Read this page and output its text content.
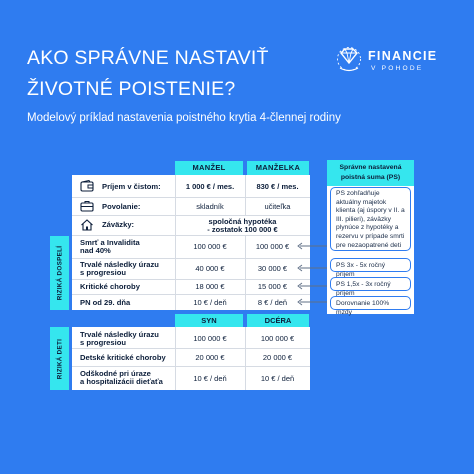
AKO SPRÁVNE NASTAVIŤ
ŽIVOTNÉ POISTENIE?
FINANCIE
V POHODE
Modelový príklad nastavenia poistného krytia 4-člennej rodiny
MANŽEL	MANŽELKA
Príjem v čistom:	1 000 € / mes.	830 € / mes.
Povolanie:	skladník	učiteľka
Záväzky:	spoločná hypotéka
- zostatok 100 000 €
RIZIKÁ DOSPELÍ
Smrť a Invalidita
nad 40%	100 000 €	100 000 €
Trvalé následky úrazu
s progresiou	40 000 €	30 000 €
Kritické choroby	18 000 €	15 000 €
PN od 29. dňa	10 € / deň	8 € / deň
Správne nastavená poistná suma (PS)
PS zohľadňuje aktuálny majetok klienta (aj úspory v II. a III. pilieri), záväzky plynúce z hypotéky a rezervu v prípade smrti pre nezaopatrené deti
PS 3x - 5x ročný príjem
PS 1,5x - 3x ročný príjem
Dorovnanie 100% mzdy
SYN	DCÉRA
RIZIKÁ DETI
Trvalé následky úrazu
s progresiou	100 000 €	100 000 €
Detské kritické choroby	20 000 €	20 000 €
Odškodné pri úraze
a hospitalizácii dieťaťa	10 € / deň	10 € / deň
